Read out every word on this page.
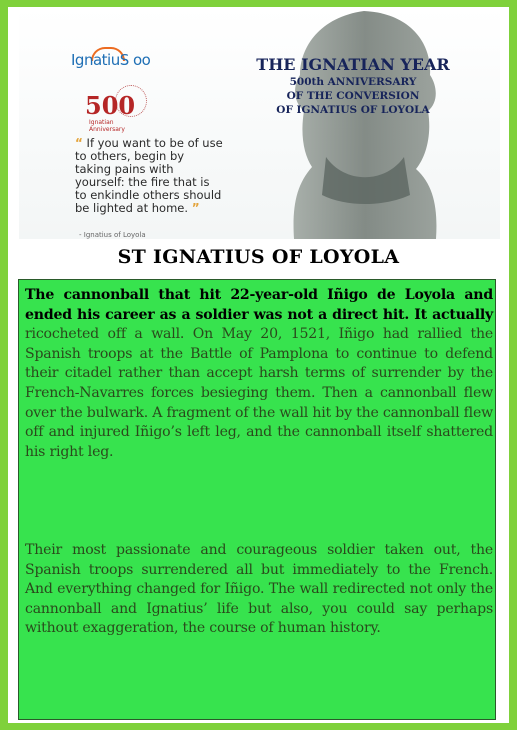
IgnatiuS oo
500
Ignatian Anniversary
“ If you want to be of use to others, begin by taking pains with yourself: the fire that is to enkindle others should be lighted at home. ”
- Ignatius of Loyola
THE IGNATIAN YEAR
500th ANNIVERSARY
OF THE CONVERSION
OF IGNATIUS OF LOYOLA
ST IGNATIUS OF LOYOLA

The cannonball that hit 22-year-old Iñigo de Loyola and ended his career as a soldier was not a direct hit. It actually ricocheted off a wall. On May 20, 1521, Iñigo had rallied the Spanish troops at the Battle of Pamplona to continue to defend their citadel rather than accept harsh terms of surrender by the French-Navarres forces besieging them. Then a cannonball flew over the bulwark. A fragment of the wall hit by the cannonball flew off and injured Iñigo’s left leg, and the cannonball itself shattered his right leg.

Their most passionate and courageous soldier taken out, the Spanish troops surrendered all but immediately to the French. And everything changed for Iñigo. The wall redirected not only the cannonball and Ignatius’ life but also, you could say perhaps without exaggeration, the course of human history.
